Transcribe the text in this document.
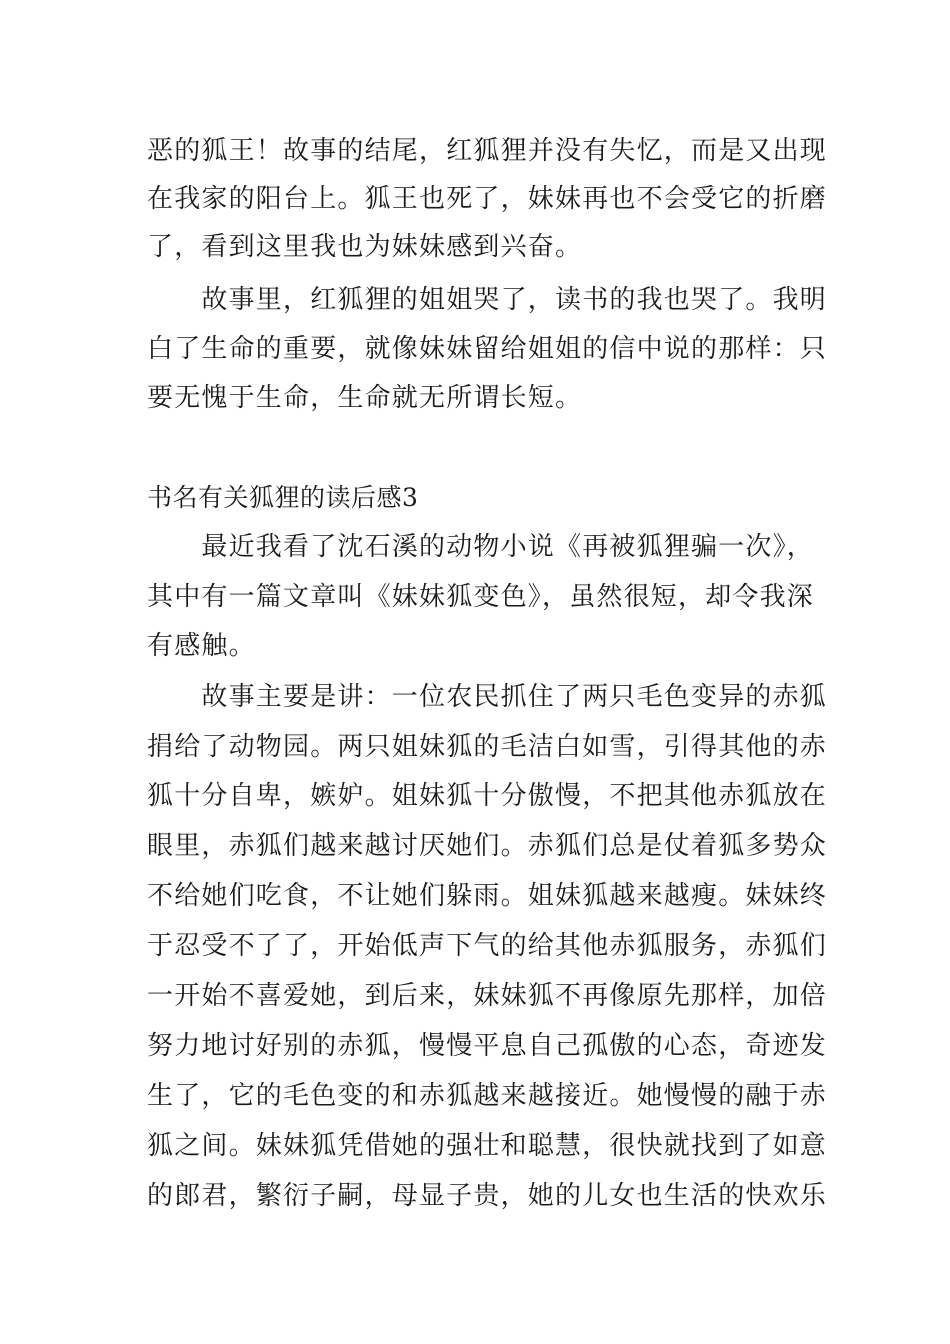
恶的狐王！故事的结尾，红狐狸并没有失忆，而是又出现
在我家的阳台上。狐王也死了，妹妹再也不会受它的折磨
了，看到这里我也为妹妹感到兴奋。
　　故事里，红狐狸的姐姐哭了，读书的我也哭了。我明
白了生命的重要，就像妹妹留给姐姐的信中说的那样：只
要无愧于生命，生命就无所谓长短。
书名有关狐狸的读后感3
　　最近我看了沈石溪的动物小说《再被狐狸骗一次》，
其中有一篇文章叫《妹妹狐变色》，虽然很短，却令我深
有感触。
　　故事主要是讲：一位农民抓住了两只毛色变异的赤狐
捐给了动物园。两只姐妹狐的毛洁白如雪，引得其他的赤
狐十分自卑，嫉妒。姐妹狐十分傲慢，不把其他赤狐放在
眼里，赤狐们越来越讨厌她们。赤狐们总是仗着狐多势众
不给她们吃食，不让她们躲雨。姐妹狐越来越瘦。妹妹终
于忍受不了了，开始低声下气的给其他赤狐服务，赤狐们
一开始不喜爱她，到后来，妹妹狐不再像原先那样，加倍
努力地讨好别的赤狐，慢慢平息自己孤傲的心态，奇迹发
生了，它的毛色变的和赤狐越来越接近。她慢慢的融于赤
狐之间。妹妹狐凭借她的强壮和聪慧，很快就找到了如意
的郎君，繁衍子嗣，母显子贵，她的儿女也生活的快欢乐
